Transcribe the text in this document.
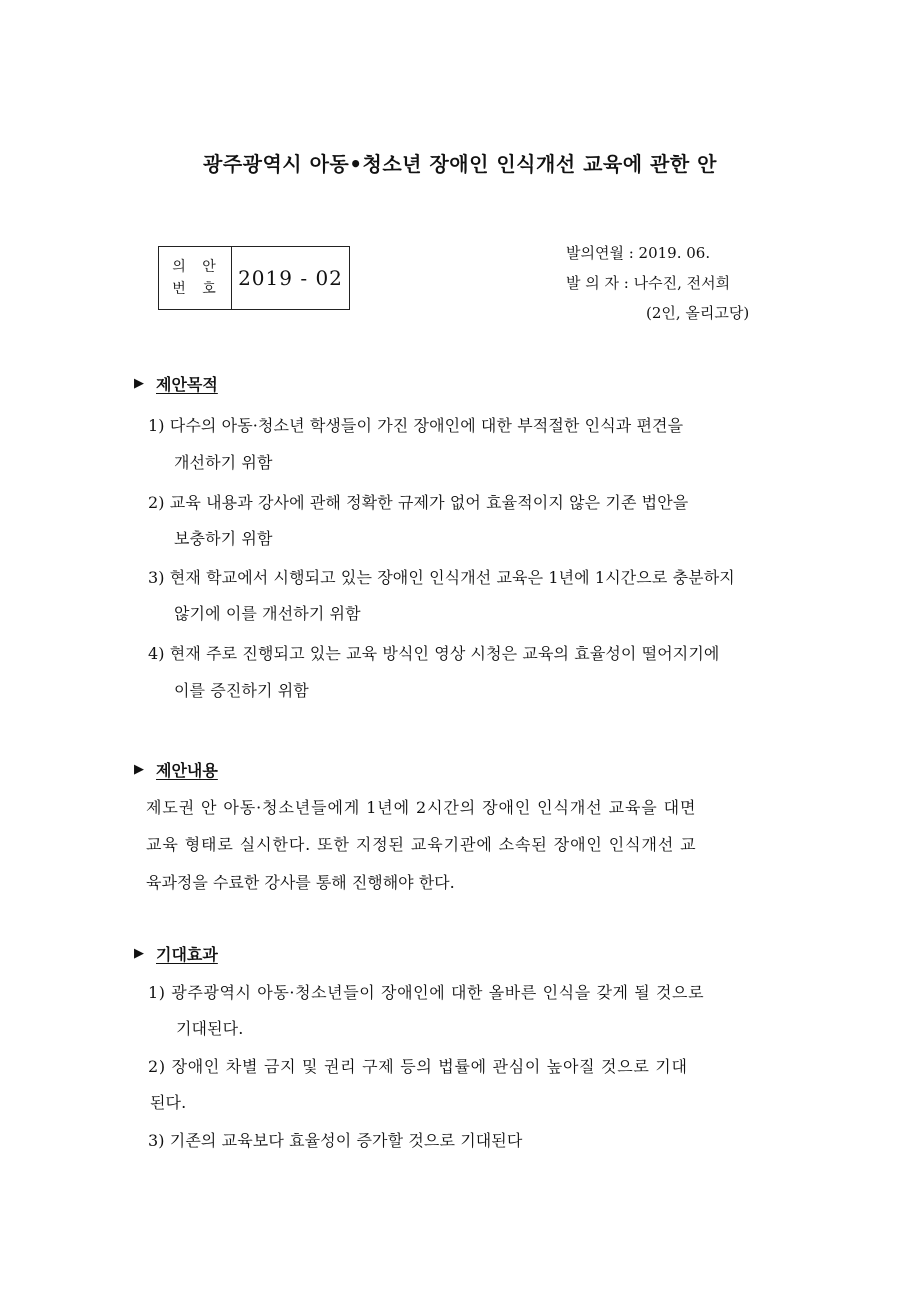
광주광역시 아동•청소년 장애인 인식개선 교육에 관한 안
의 안
번 호 2019 - 02
발의연월 : 2019. 06.
발 의 자 : 나수진, 전서희
(2인, 올리고당)
▶ 제안목적
1) 다수의 아동·청소년 학생들이 가진 장애인에 대한 부적절한 인식과 편견을
개선하기 위함
2) 교육 내용과 강사에 관해 정확한 규제가 없어 효율적이지 않은 기존 법안을
보충하기 위함
3) 현재 학교에서 시행되고 있는 장애인 인식개선 교육은 1년에 1시간으로 충분하지
않기에 이를 개선하기 위함
4) 현재 주로 진행되고 있는 교육 방식인 영상 시청은 교육의 효율성이 떨어지기에
이를 증진하기 위함
▶ 제안내용
제도권 안 아동·청소년들에게 1년에 2시간의 장애인 인식개선 교육을 대면
교육 형태로 실시한다. 또한 지정된 교육기관에 소속된 장애인 인식개선 교
육과정을 수료한 강사를 통해 진행해야 한다.
▶ 기대효과
1) 광주광역시 아동·청소년들이 장애인에 대한 올바른 인식을 갖게 될 것으로
기대된다.
2) 장애인 차별 금지 및 권리 구제 등의 법률에 관심이 높아질 것으로 기대
된다.
3) 기존의 교육보다 효율성이 증가할 것으로 기대된다
